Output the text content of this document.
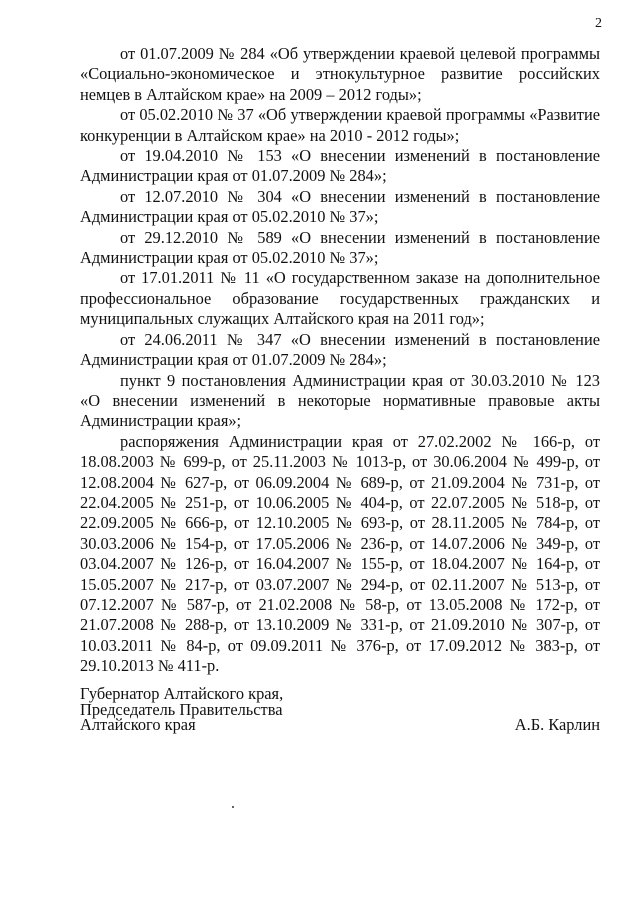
2

от 01.07.2009 № 284 «Об утверждении краевой целевой программы «Социально-экономическое и этнокультурное развитие российских немцев в Алтайском крае» на 2009 – 2012 годы»;

от 05.02.2010 № 37 «Об утверждении краевой программы «Развитие конкуренции в Алтайском крае» на 2010 - 2012 годы»;

от 19.04.2010 № 153 «О внесении изменений в постановление Администрации края от 01.07.2009 № 284»;

от 12.07.2010 № 304 «О внесении изменений в постановление Администрации края от 05.02.2010 № 37»;

от 29.12.2010 № 589 «О внесении изменений в постановление Администрации края от 05.02.2010 № 37»;

от 17.01.2011 № 11 «О государственном заказе на дополнительное профессиональное образование государственных гражданских и муниципальных служащих Алтайского края на 2011 год»;

от 24.06.2011 № 347 «О внесении изменений в постановление Администрации края от 01.07.2009 № 284»;

пункт 9 постановления Администрации края от 30.03.2010 № 123 «О внесении изменений в некоторые нормативные правовые акты Администрации края»;

распоряжения Администрации края от 27.02.2002 № 166-р, от 18.08.2003 № 699-р, от 25.11.2003 № 1013-р, от 30.06.2004 № 499-р, от 12.08.2004 № 627-р, от 06.09.2004 № 689-р, от 21.09.2004 № 731-р, от 22.04.2005 № 251-р, от 10.06.2005 № 404-р, от 22.07.2005 № 518-р, от 22.09.2005 № 666-р, от 12.10.2005 № 693-р, от 28.11.2005 № 784-р, от 30.03.2006 № 154-р, от 17.05.2006 № 236-р, от 14.07.2006 № 349-р, от 03.04.2007 № 126-р, от 16.04.2007 № 155-р, от 18.04.2007 № 164-р, от 15.05.2007 № 217-р, от 03.07.2007 № 294-р, от 02.11.2007 № 513-р, от 07.12.2007 № 587-р, от 21.02.2008 № 58-р, от 13.05.2008 № 172-р, от 21.07.2008 № 288-р, от 13.10.2009 № 331-р, от 21.09.2010 № 307-р, от 10.03.2011 № 84-р, от 09.09.2011 № 376-р, от 17.09.2012 № 383-р, от 29.10.2013 № 411-р.

Губернатор Алтайского края,
Председатель Правительства
Алтайского края	А.Б. Карлин
